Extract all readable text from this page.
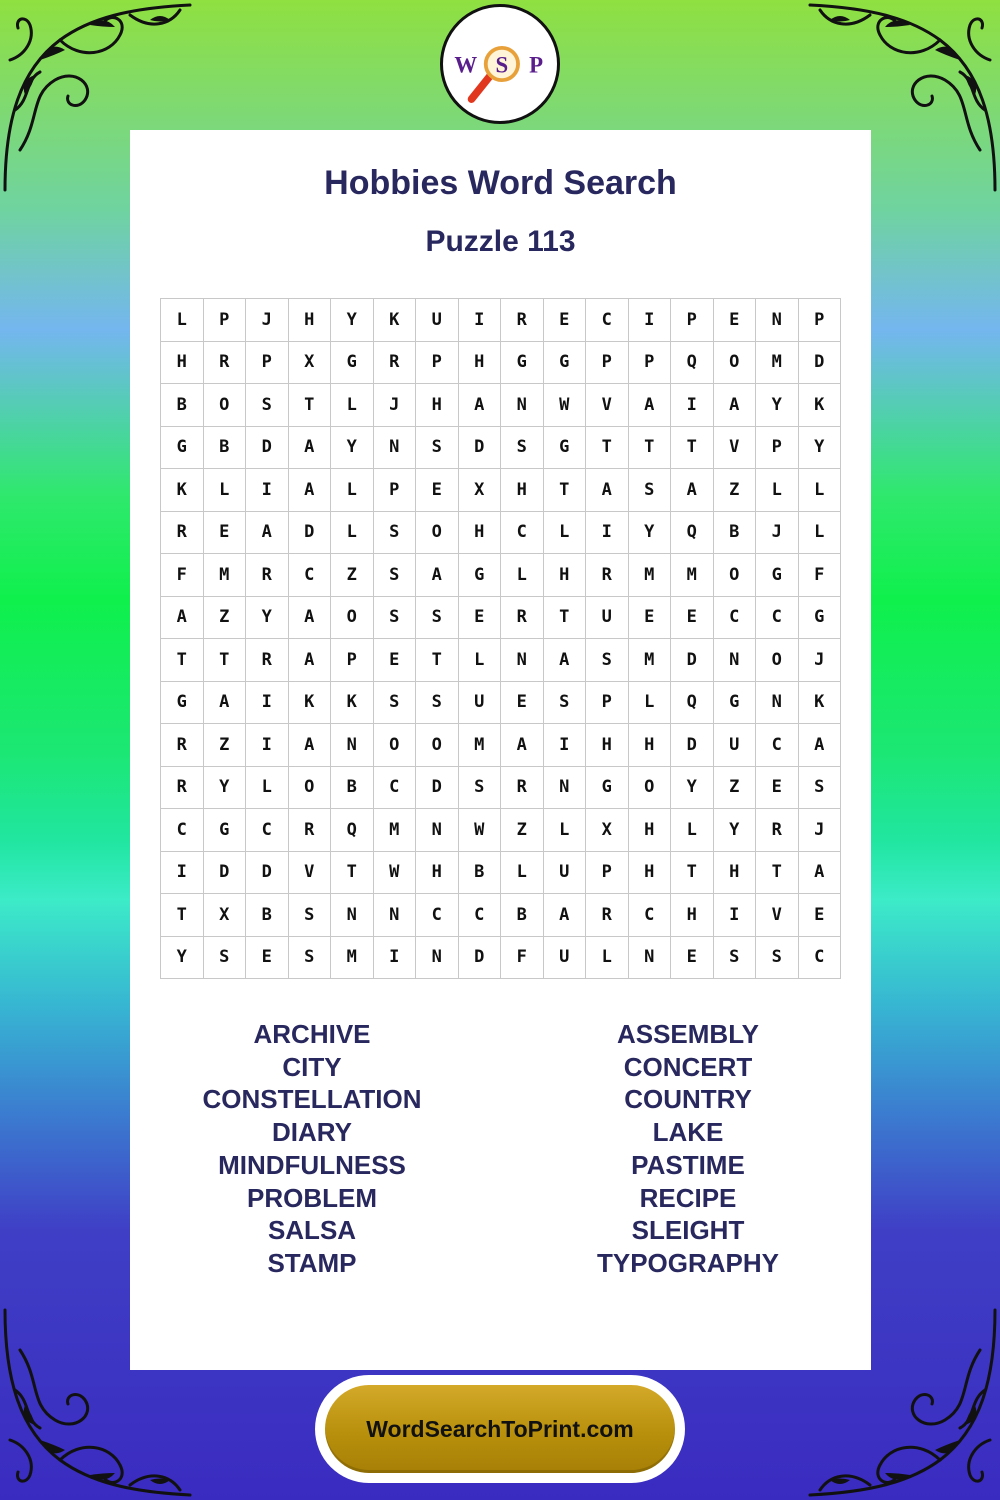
S
W P
Hobbies Word Search
Puzzle 113
L	P	J	H	Y	K	U	I	R	E	C	I	P	E	N	P
H	R	P	X	G	R	P	H	G	G	P	P	Q	O	M	D
B	O	S	T	L	J	H	A	N	W	V	A	I	A	Y	K
G	B	D	A	Y	N	S	D	S	G	T	T	T	V	P	Y
K	L	I	A	L	P	E	X	H	T	A	S	A	Z	L	L
R	E	A	D	L	S	O	H	C	L	I	Y	Q	B	J	L
F	M	R	C	Z	S	A	G	L	H	R	M	M	O	G	F
A	Z	Y	A	O	S	S	E	R	T	U	E	E	C	C	G
T	T	R	A	P	E	T	L	N	A	S	M	D	N	O	J
G	A	I	K	K	S	S	U	E	S	P	L	Q	G	N	K
R	Z	I	A	N	O	O	M	A	I	H	H	D	U	C	A
R	Y	L	O	B	C	D	S	R	N	G	O	Y	Z	E	S
C	G	C	R	Q	M	N	W	Z	L	X	H	L	Y	R	J
I	D	D	V	T	W	H	B	L	U	P	H	T	H	T	A
T	X	B	S	N	N	C	C	B	A	R	C	H	I	V	E
Y	S	E	S	M	I	N	D	F	U	L	N	E	S	S	C
ARCHIVE
CITY
CONSTELLATION
DIARY
MINDFULNESS
PROBLEM
SALSA
STAMP
ASSEMBLY
CONCERT
COUNTRY
LAKE
PASTIME
RECIPE
SLEIGHT
TYPOGRAPHY
WordSearchToPrint.com
